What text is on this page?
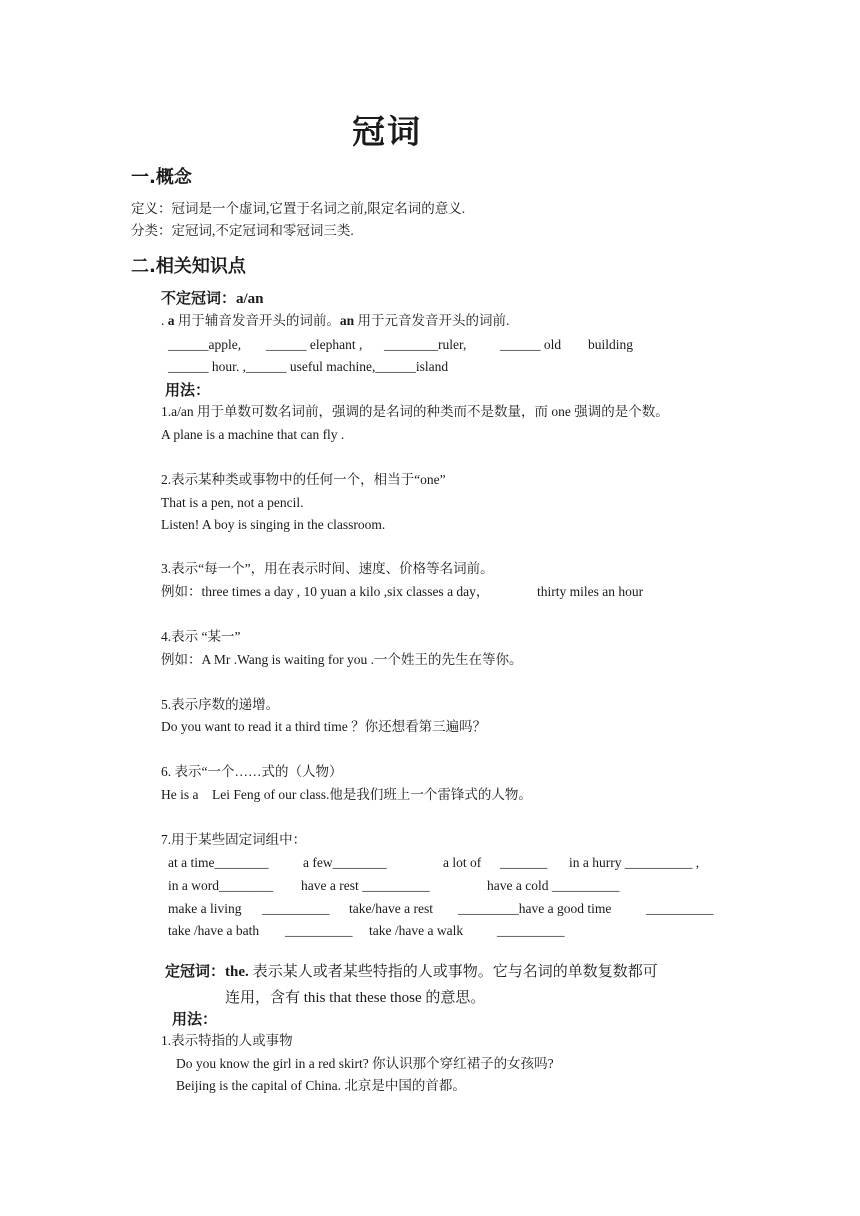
冠词
一.概念
定义：冠词是一个虚词,它置于名词之前,限定名词的意义.
分类：定冠词,不定冠词和零冠词三类.
二.相关知识点
不定冠词：a/an
. a 用于辅音发音开头的词前。an 用于元音发音开头的词前.
______apple, ______ elephant , ________ruler, ______ old building
______ hour. ,______ useful machine,______island
用法：
1.a/an 用于单数可数名词前，强调的是名词的种类而不是数量，而 one 强调的是个数。
A plane is a machine that can fly .
2.表示某种类或事物中的任何一个，相当于“one”
That is a pen, not a pencil.
Listen! A boy is singing in the classroom.
3.表示“每一个”，用在表示时间、速度、价格等名词前。
例如：three times a day , 10 yuan a kilo ,six classes a day，	thirty miles an hour
4.表示 “某一”
例如：A Mr .Wang is waiting for you .一个姓王的先生在等你。
5.表示序数的递增。
Do you want to read it a third time ？你还想看第三遍吗？
6. 表示“一个……式的（人物）
He is a    Lei Feng of our class.他是我们班上一个雷锋式的人物。
7.用于某些固定词组中：
at a time________	a few________	a lot of _______ in a hurry __________ ,
in a word________ have a rest __________	have a cold __________
make a living __________ take/have a rest _________have a good time	__________
take /have a bath __________ take /have a walk	__________
定冠词：the. 表示某人或者某些特指的人或事物。它与名词的单数复数都可
连用，含有 this that these those 的意思。
用法：
1.表示特指的人或事物
Do you know the girl in a red skirt? 你认识那个穿红裙子的女孩吗?
Beijing is the capital of China. 北京是中国的首都。
